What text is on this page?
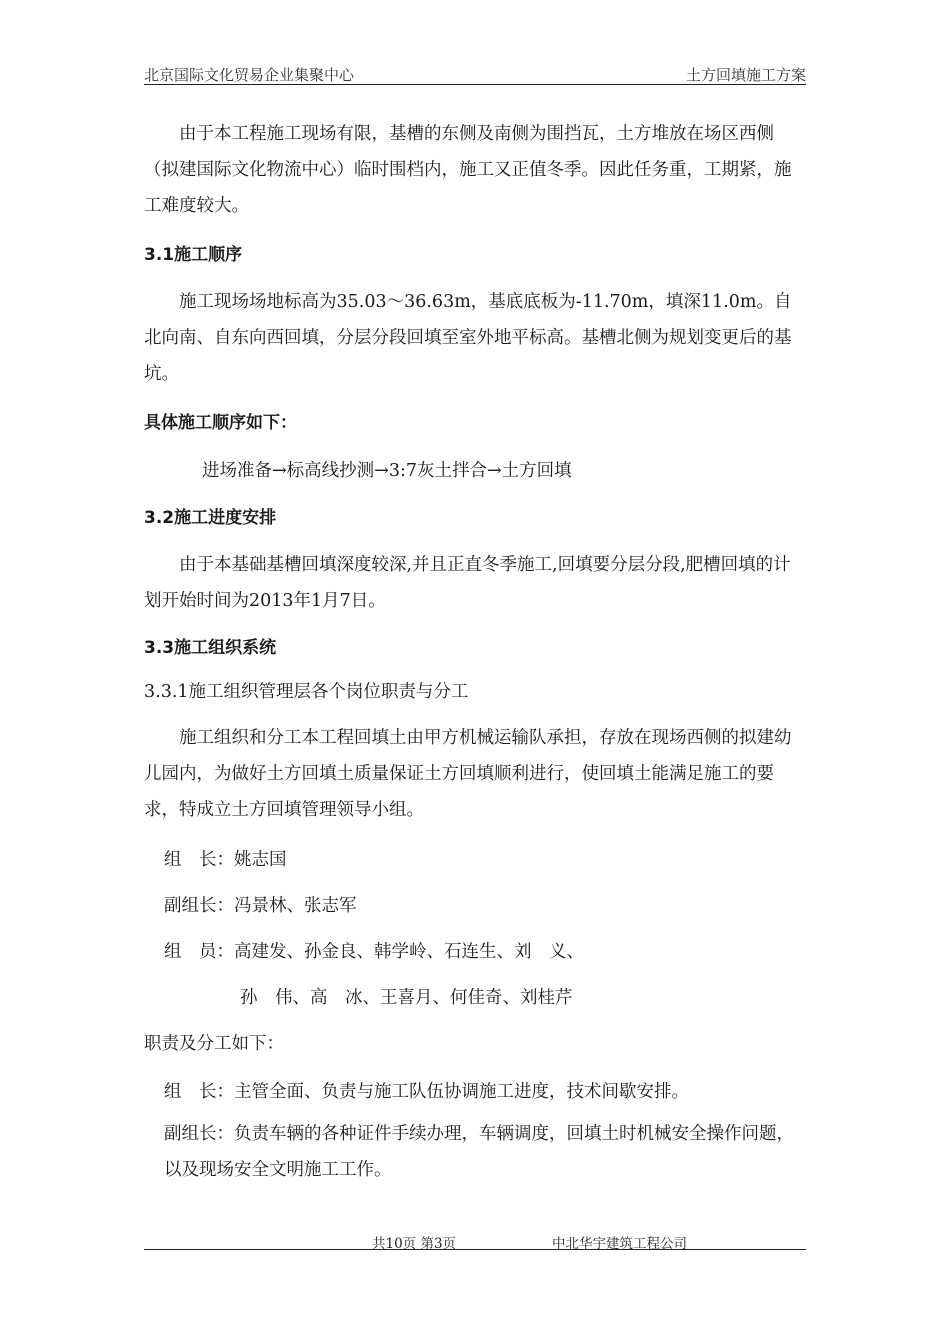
北京国际文化贸易企业集聚中心	土方回填施工方案

由于本工程施工现场有限，基槽的东侧及南侧为围挡瓦，土方堆放在场区西侧（拟建国际文化物流中心）临时围档内，施工又正值冬季。因此任务重，工期紧，施工难度较大。

3.1施工顺序

施工现场场地标高为35.03～36.63m，基底底板为-11.70m，填深11.0m。自北向南、自东向西回填，分层分段回填至室外地平标高。基槽北侧为规划变更后的基坑。

具体施工顺序如下：

进场准备→标高线抄测→3:7灰土拌合→土方回填

3.2施工进度安排

由于本基础基槽回填深度较深,并且正直冬季施工,回填要分层分段,肥槽回填的计划开始时间为2013年1月7日。

3.3施工组织系统

3.3.1施工组织管理层各个岗位职责与分工

施工组织和分工本工程回填土由甲方机械运输队承担，存放在现场西侧的拟建幼儿园内，为做好土方回填土质量保证土方回填顺利进行，使回填土能满足施工的要求，特成立土方回填管理领导小组。

组　长：姚志国

副组长：冯景林、张志军

组　员：高建发、孙金良、韩学岭、石连生、刘　义、

孙　伟、高　冰、王喜月、何佳奇、刘桂芹

职责及分工如下：

组　长：主管全面、负责与施工队伍协调施工进度，技术间歇安排。

副组长：负责车辆的各种证件手续办理，车辆调度，回填土时机械安全操作问题，以及现场安全文明施工工作。

共10页 第3页	中北华宇建筑工程公司
